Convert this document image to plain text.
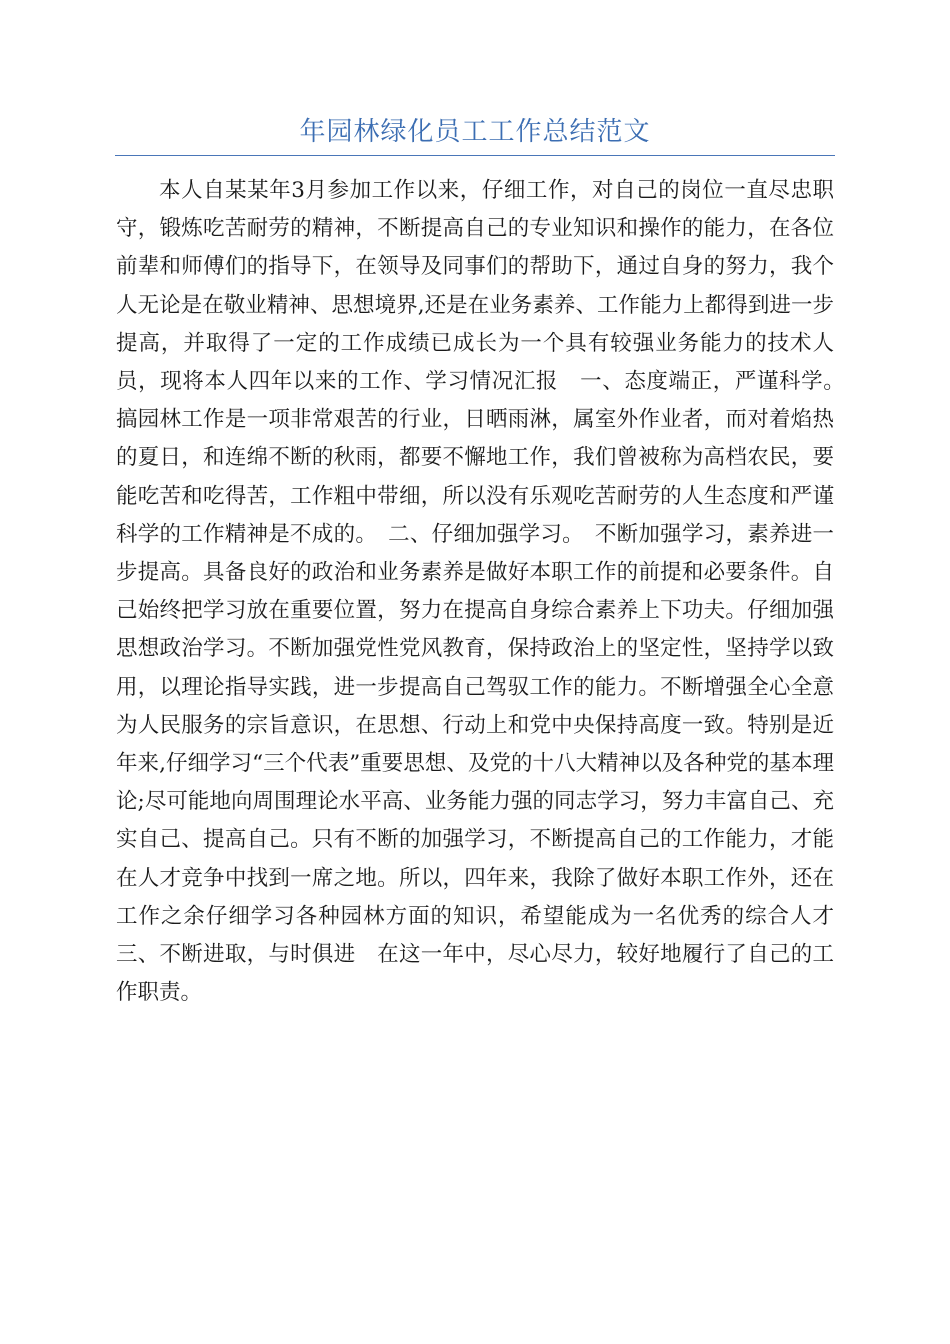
年园林绿化员工工作总结范文
本人自某某年3月参加工作以来，仔细工作，对自己的岗位一直尽忠职守，锻炼吃苦耐劳的精神，不断提高自己的专业知识和操作的能力，在各位前辈和师傅们的指导下，在领导及同事们的帮助下，通过自身的努力，我个人无论是在敬业精神、思想境界,还是在业务素养、工作能力上都得到进一步提高，并取得了一定的工作成绩已成长为一个具有较强业务能力的技术人员，现将本人四年以来的工作、学习情况汇报　一、态度端正，严谨科学。　搞园林工作是一项非常艰苦的行业，日晒雨淋，属室外作业者，而对着焰热的夏日，和连绵不断的秋雨，都要不懈地工作，我们曾被称为高档农民，要能吃苦和吃得苦，工作粗中带细，所以没有乐观吃苦耐劳的人生态度和严谨科学的工作精神是不成的。　二、仔细加强学习。　不断加强学习，素养进一步提高。具备良好的政治和业务素养是做好本职工作的前提和必要条件。自己始终把学习放在重要位置，努力在提高自身综合素养上下功夫。仔细加强思想政治学习。不断加强党性党风教育，保持政治上的坚定性，坚持学以致用，以理论指导实践，进一步提高自己驾驭工作的能力。不断增强全心全意为人民服务的宗旨意识，在思想、行动上和党中央保持高度一致。特别是近年来,仔细学习“三个代表”重要思想、及党的十八大精神以及各种党的基本理论;尽可能地向周围理论水平高、业务能力强的同志学习，努力丰富自己、充实自己、提高自己。只有不断的加强学习，不断提高自己的工作能力，才能在人才竞争中找到一席之地。所以，四年来，我除了做好本职工作外，还在工作之余仔细学习各种园林方面的知识，希望能成为一名优秀的综合人才　三、不断进取，与时俱进　在这一年中，尽心尽力，较好地履行了自己的工作职责。
